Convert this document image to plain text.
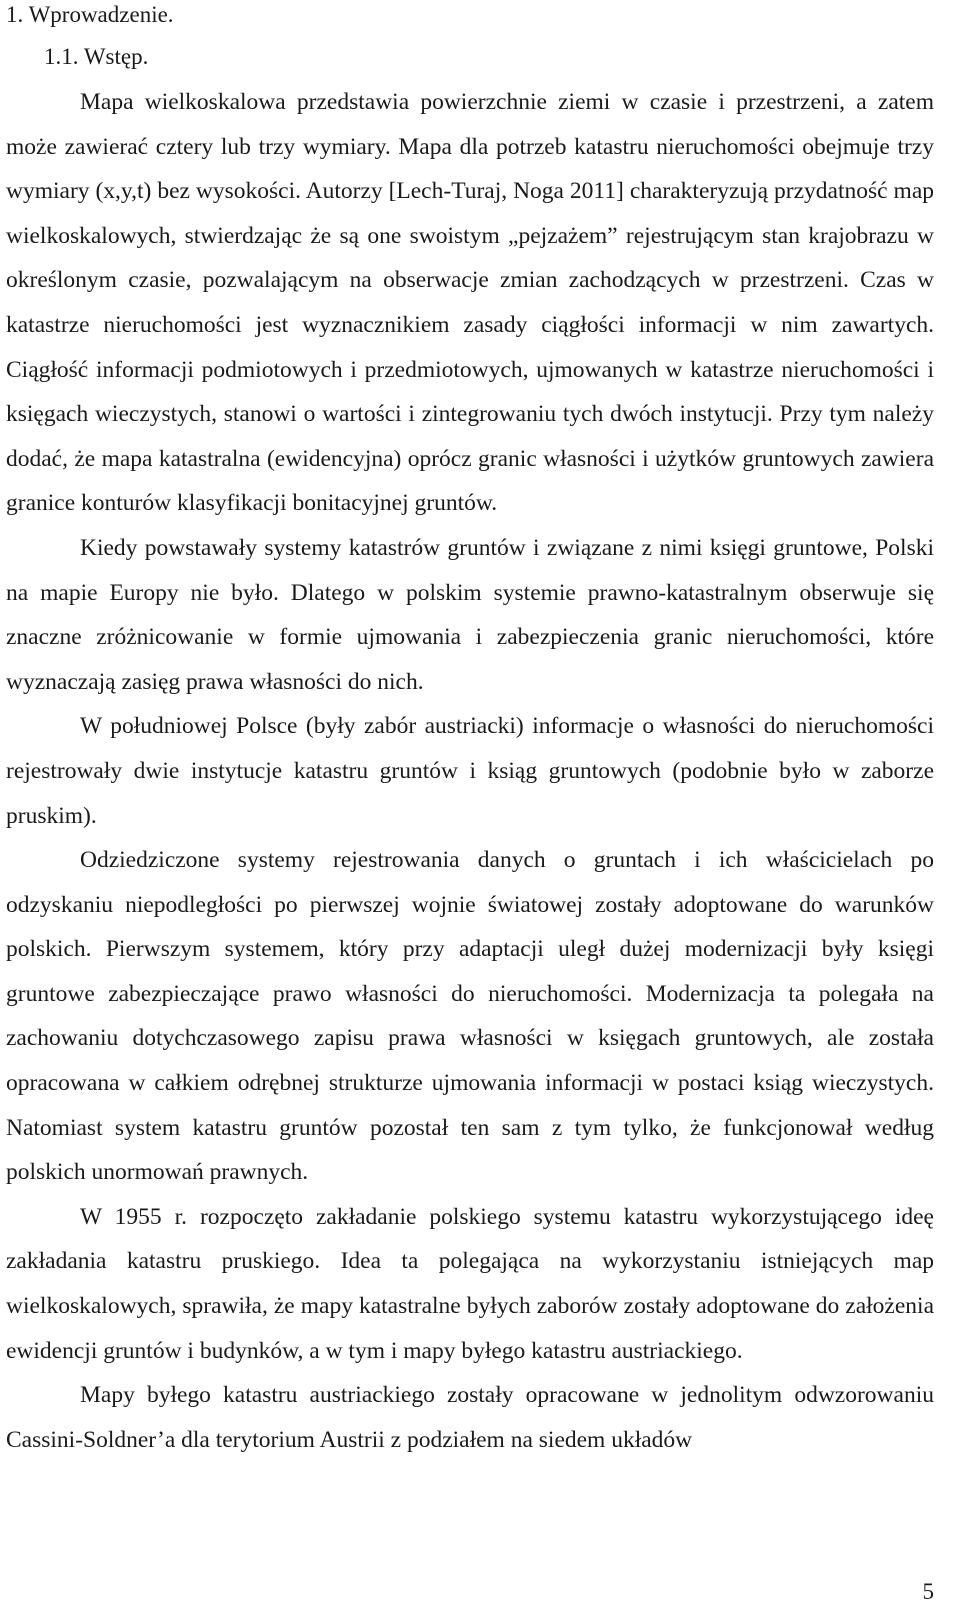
1. Wprowadzenie.
1.1. Wstęp.

Mapa wielkoskalowa przedstawia powierzchnie ziemi w czasie i przestrzeni, a zatem może zawierać cztery lub trzy wymiary. Mapa dla potrzeb katastru nieruchomości obejmuje trzy wymiary (x,y,t) bez wysokości. Autorzy [Lech-Turaj, Noga 2011] charakteryzują przydatność map wielkoskalowych, stwierdzając że są one swoistym „pejzażem” rejestrującym stan krajobrazu w określonym czasie, pozwalającym na obserwacje zmian zachodzących w przestrzeni. Czas w katastrze nieruchomości jest wyznacznikiem zasady ciągłości informacji w nim zawartych. Ciągłość informacji podmiotowych i przedmiotowych, ujmowanych w katastrze nieruchomości i księgach wieczystych, stanowi o wartości i zintegrowaniu tych dwóch instytucji. Przy tym należy dodać, że mapa katastralna (ewidencyjna) oprócz granic własności i użytków gruntowych zawiera granice konturów klasyfikacji bonitacyjnej gruntów.

Kiedy powstawały systemy katastrów gruntów i związane z nimi księgi gruntowe, Polski na mapie Europy nie było. Dlatego w polskim systemie prawno-katastralnym obserwuje się znaczne zróżnicowanie w formie ujmowania i zabezpieczenia granic nieruchomości, które wyznaczają zasięg prawa własności do nich.

W południowej Polsce (były zabór austriacki) informacje o własności do nieruchomości rejestrowały dwie instytucje katastru gruntów i ksiąg gruntowych (podobnie było w zaborze pruskim).

Odziedziczone systemy rejestrowania danych o gruntach i ich właścicielach po odzyskaniu niepodległości po pierwszej wojnie światowej zostały adoptowane do warunków polskich. Pierwszym systemem, który przy adaptacji uległ dużej modernizacji były księgi gruntowe zabezpieczające prawo własności do nieruchomości. Modernizacja ta polegała na zachowaniu dotychczasowego zapisu prawa własności w księgach gruntowych, ale została opracowana w całkiem odrębnej strukturze ujmowania informacji w postaci ksiąg wieczystych. Natomiast system katastru gruntów pozostał ten sam z tym tylko, że funkcjonował według polskich unormowań prawnych.

W 1955 r. rozpoczęto zakładanie polskiego systemu katastru wykorzystującego ideę zakładania katastru pruskiego. Idea ta polegająca na wykorzystaniu istniejących map wielkoskalowych, sprawiła, że mapy katastralne byłych zaborów zostały adoptowane do założenia ewidencji gruntów i budynków, a w tym i mapy byłego katastru austriackiego.

Mapy byłego katastru austriackiego zostały opracowane w jednolitym odwzorowaniu Cassini-Soldner’a dla terytorium Austrii z podziałem na siedem układów

5
